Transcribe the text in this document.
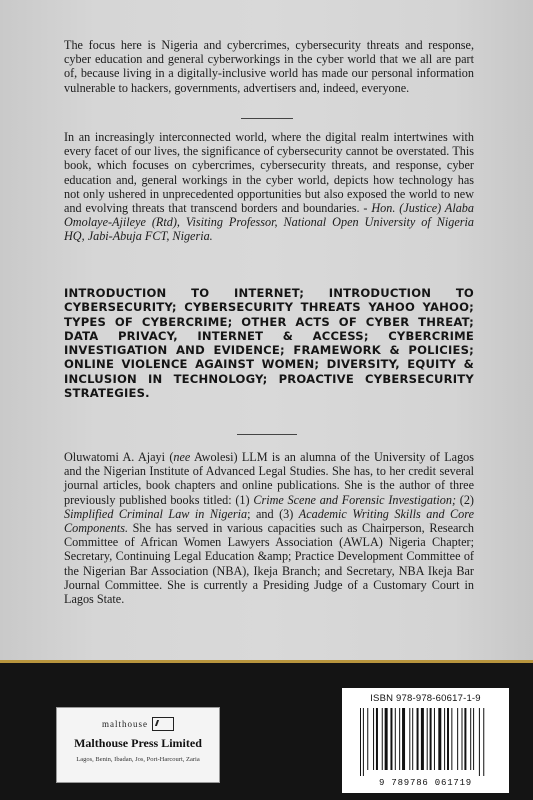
The focus here is Nigeria and cybercrimes, cybersecurity threats and response, cyber education and general cyberworkings in the cyber world that we all are part of, because living in a digitally-inclusive world has made our personal information vulnerable to hackers, governments, advertisers and, indeed, everyone.
In an increasingly interconnected world, where the digital realm intertwines with every facet of our lives, the significance of cybersecurity cannot be overstated. This book, which focuses on cybercrimes, cybersecurity threats, and response, cyber education and, general workings in the cyber world, depicts how technology has not only ushered in unprecedented opportunities but also exposed the world to new and evolving threats that transcend borders and boundaries. - Hon. (Justice) Alaba Omolaye-Ajileye (Rtd), Visiting Professor, National Open University of Nigeria HQ, Jabi-Abuja FCT, Nigeria.
INTRODUCTION TO INTERNET; INTRODUCTION TO CYBERSECURITY; CYBERSECURITY THREATS YAHOO YAHOO; TYPES OF CYBERCRIME; OTHER ACTS OF CYBER THREAT; DATA PRIVACY, INTERNET & ACCESS; CYBERCRIME INVESTIGATION AND EVIDENCE; FRAMEWORK & POLICIES; ONLINE VIOLENCE AGAINST WOMEN; DIVERSITY, EQUITY & INCLUSION IN TECHNOLOGY; PROACTIVE CYBERSECURITY STRATEGIES.
Oluwatomi A. Ajayi (nee Awolesi) LLM is an alumna of the University of Lagos and the Nigerian Institute of Advanced Legal Studies. She has, to her credit several journal articles, book chapters and online publications. She is the author of three previously published books titled: (1) Crime Scene and Forensic Investigation; (2) Simplified Criminal Law in Nigeria; and (3) Academic Writing Skills and Core Components. She has served in various capacities such as Chairperson, Research Committee of African Women Lawyers Association (AWLA) Nigeria Chapter; Secretary, Continuing Legal Education &amp; Practice Development Committee of the Nigerian Bar Association (NBA), Ikeja Branch; and Secretary, NBA Ikeja Bar Journal Committee. She is currently a Presiding Judge of a Customary Court in Lagos State.
malthouse
Malthouse Press Limited
Lagos, Benin, Ibadan, Jos, Port-Harcourt, Zaria
ISBN 978-978-60617-1-9
9 789786 061719
